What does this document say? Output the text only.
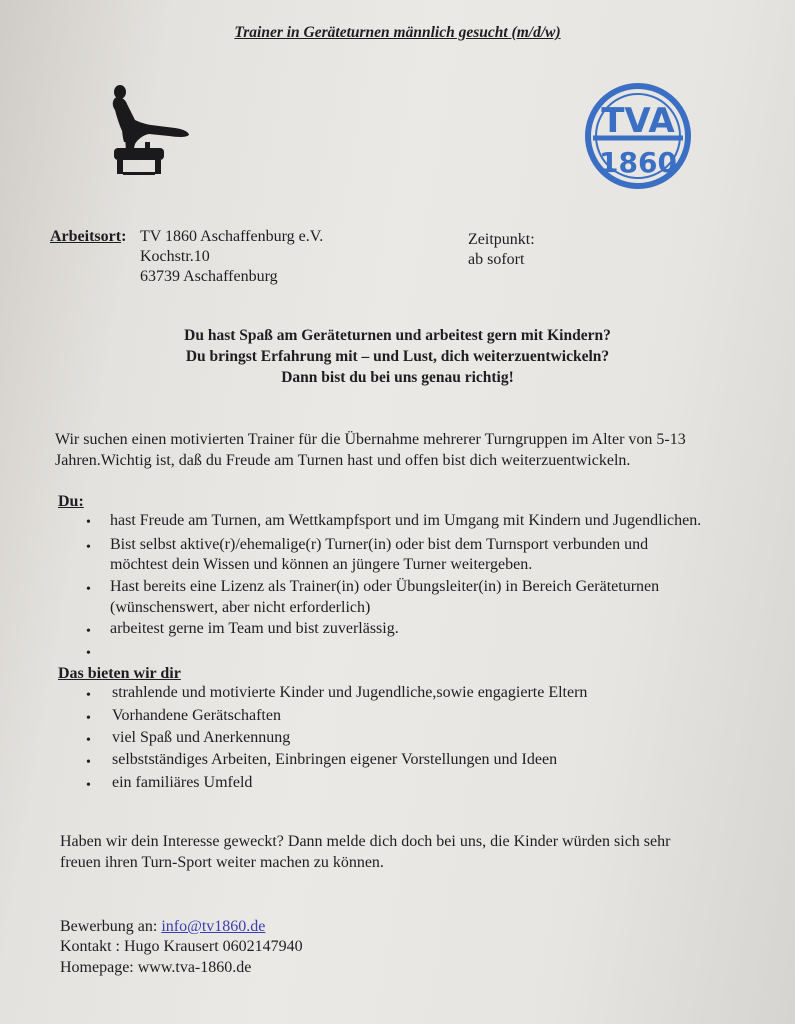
Trainer in Geräteturnen männlich gesucht (m/d/w)
TVA
1860
Arbeitsort: TV 1860 Aschaffenburg e.V.
Kochstr.10
63739 Aschaffenburg
Zeitpunkt:
ab sofort
Du hast Spaß am Geräteturnen und arbeitest gern mit Kindern?
Du bringst Erfahrung mit – und Lust, dich weiterzuentwickeln?
Dann bist du bei uns genau richtig!
Wir suchen einen motivierten Trainer für die Übernahme mehrerer Turngruppen im Alter von 5-13
Jahren.Wichtig ist, daß du Freude am Turnen hast und offen bist dich weiterzuentwickeln.
Du:
• hast Freude am Turnen, am Wettkampfsport und im Umgang mit Kindern und Jugendlichen.
• Bist selbst aktive(r)/ehemalige(r) Turner(in) oder bist dem Turnsport verbunden und
möchtest dein Wissen und können an jüngere Turner weitergeben.
• Hast bereits eine Lizenz als Trainer(in) oder Übungsleiter(in) in Bereich Geräteturnen
(wünschenswert, aber nicht erforderlich)
• arbeitest gerne im Team und bist zuverlässig.
•
Das bieten wir dir
• strahlende und motivierte Kinder und Jugendliche,sowie engagierte Eltern
• Vorhandene Gerätschaften
• viel Spaß und Anerkennung
• selbstständiges Arbeiten, Einbringen eigener Vorstellungen und Ideen
• ein familiäres Umfeld
Haben wir dein Interesse geweckt? Dann melde dich doch bei uns, die Kinder würden sich sehr
freuen ihren Turn-Sport weiter machen zu können.
Bewerbung an: info@tv1860.de
Kontakt : Hugo Krausert 0602147940
Homepage: www.tva-1860.de
